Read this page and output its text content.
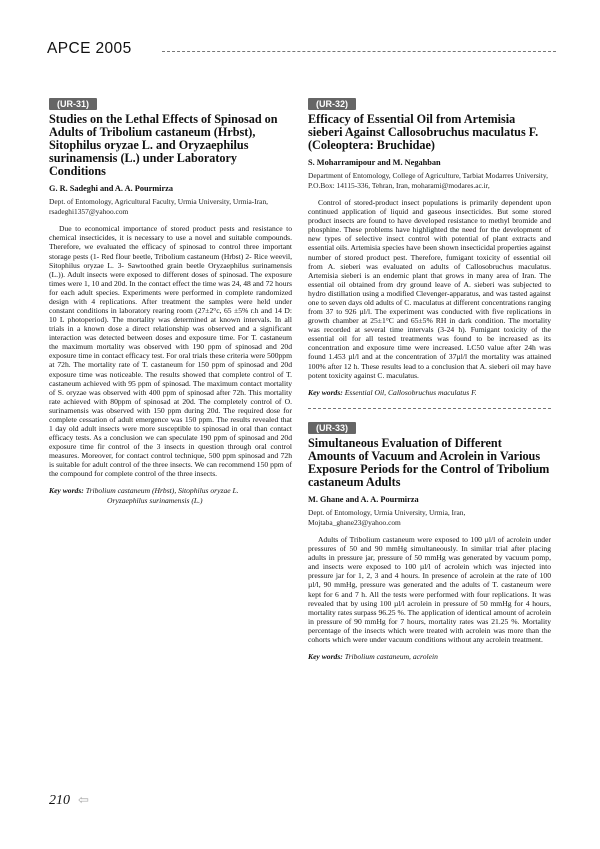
APCE 2005
(UR-31)
Studies on the Lethal Effects of Spinosad on Adults of Tribolium castaneum (Hrbst), Sitophilus oryzae L. and Oryzaephilus surinamensis (L.) under Laboratory Conditions
G. R. Sadeghi and A. A. Pourmirza
Dept. of Entomology, Agricultural Faculty, Urmia University, Urmia-Iran, rsadeghi1357@yahoo.com

Due to economical importance of stored product pests and resistance to chemical insecticides, it is necessary to use a novel and suitable compounds. Therefore, we evaluated the efficacy of spinosad to control three important storage pests (1- Red flour beetle, Tribolium castaneum (Hrbst) 2- Rice weevil, Sitophilus oryzae L. 3- Sawtoothed grain beetle Oryzaephilus surinamensis (L.)). Adult insects were exposed to different doses of spinosad. The exposure times were 1, 10 and 20d. In the contact effect the time was 24, 48 and 72 hours for each adult species. Experiments were performed in complete randomized design with 4 replications. After treatment the samples were held under constant conditions in laboratory rearing room (27±2°c, 65 ±5% r.h and 14 D: 10 L photoperiod). The mortality was determined at known intervals. In all trials in a known dose a direct relationship was observed and a significant interaction was detected between doses and exposure time. For T. castaneum the maximum mortality was observed with 190 ppm of spinosad and 20d exposure time in contact efficacy test. For oral trials these criteria were 500ppm at 72h. The mortality rate of T. castaneum for 150 ppm of spinosad and 20d exposure time was noticeable. The results showed that complete control of T. castaneum achieved with 95 ppm of spinosad. The maximum contact mortality of S. oryzae was observed with 400 ppm of spinosad after 72h. This mortality rate achieved with 80ppm of spinosad at 20d. The completely control of O. surinamensis was observed with 150 ppm during 20d. The required dose for complete cessation of adult emergence was 150 ppm. The results revealed that 1 day old adult insects were more susceptible to spinosad in oral than contact efficacy tests. As a conclusion we can speculate 190 ppm of spinosad and 20d exposure time fir control of the 3 insects in question through oral control measures. Moreover, for contact control technique, 500 ppm spinosad and 72h is suitable for adult control of the three insects. We can recommend 150 ppm of the compound for complete control of the three insects.

Key words: Tribolium castaneum (Hrbst), Sitophilus oryzae L.
Oryzaephilus surinamensis (L.)
(UR-32)
Efficacy of Essential Oil from Artemisia sieberi Against Callosobruchus maculatus F. (Coleoptera: Bruchidae)
S. Moharramipour and M. Negahban
Department of Entomology, College of Agriculture, Tarbiat Modarres University, P.O.Box: 14115-336, Tehran, Iran, moharami@modares.ac.ir,

Control of stored-product insect populations is primarily dependent upon continued application of liquid and gaseous insecticides. But some stored product insects are found to have developed resistance to methyl bromide and phosphine. These problems have highlighted the need for the development of new types of selective insect control with potential of plant extracts and essential oils. Artemisia species have been shown insecticidal properties against number of stored product pest. Therefore, fumigant toxicity of essential oil from A. sieberi was evaluated on adults of Callosobruchus maculatus. Artemisia sieberi is an endemic plant that grows in many area of Iran. The essential oil obtained from dry ground leave of A. sieberi was subjected to hydro distillation using a modified Clevenger-apparatus, and was tasted against one to seven days old adults of C. maculatus at different concentrations ranging from 37 to 926 µl/l. The experiment was conducted with five replications in growth chamber at 25±1°C and 65±5% RH in dark condition. The mortality was recorded at several time intervals (3-24 h). Fumigant toxicity of the essential oil for all tested treatments was found to be increased as its concentration and exposure time were increased. LC50 value after 24h was found 1.453 µl/l and at the concentration of 37µl/l the mortality was attained 100% after 12 h. These results lead to a conclusion that A. sieberi oil may have potent toxicity against C. maculatus.

Key words: Essential Oil, Callosobruchus maculatus F.
(UR-33)
Simultaneous Evaluation of Different Amounts of Vacuum and Acrolein in Various Exposure Periods for the Control of Tribolium castaneum Adults
M. Ghane and A. A. Pourmirza
Dept. of Entomology, Urmia University, Urmia, Iran, Mojtaba_ghane23@yahoo.com

Adults of Tribolium castaneum were exposed to 100 µl/l of acrolein under pressures of 50 and 90 mmHg simultaneously. In similar trial after placing adults in pressure jar, pressure of 50 mmHg was generated by vacuum pomp, and insects were exposed to 100 µl/l of acrolein which was injected into pressure jar for 1, 2, 3 and 4 hours. In presence of acrolein at the rate of 100 µl/l, 90 mmHg, pressure was generated and the adults of T. castaneum were kept for 6 and 7 h. All the tests were performed with four replications. It was revealed that by using 100 µl/l acrolein in pressure of 50 mmHg for 4 hours, mortality rates surpass 96.25 %. The application of identical amount of acrolein in pressure of 90 mmHg for 7 hours, mortality rates was 21.25 %. Mortality percentage of the insects which were treated with acrolein was more than the cohorts which were under vacuum conditions without any acrolein treatment.

Key words: Tribolium castaneum, acrolein
210 ⇦
